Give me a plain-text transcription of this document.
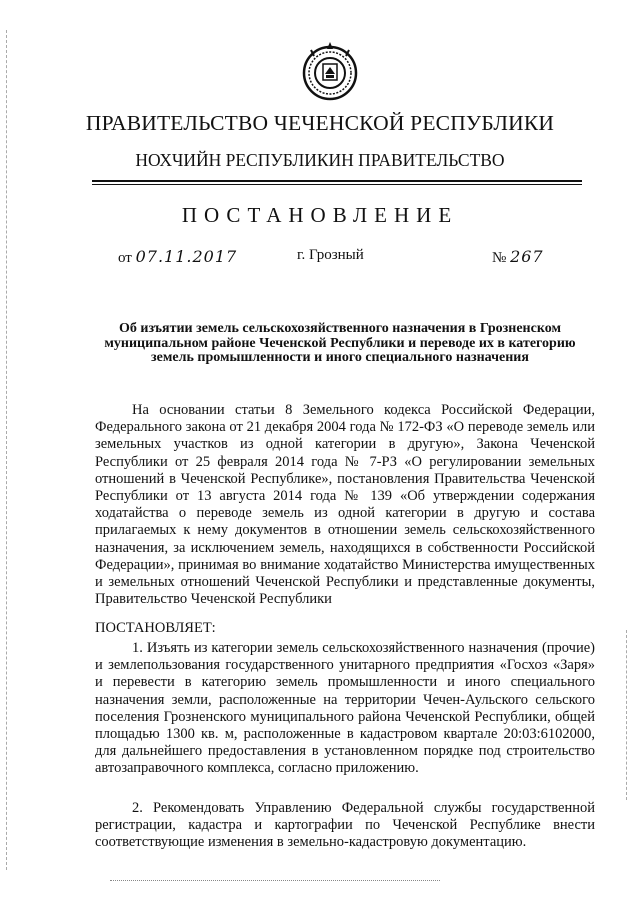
ПРАВИТЕЛЬСТВО ЧЕЧЕНСКОЙ РЕСПУБЛИКИ
НОХЧИЙН РЕСПУБЛИКИН ПРАВИТЕЛЬСТВО
ПОСТАНОВЛЕНИЕ
от 07.11.2017	г. Грозный	№ 267
Об изъятии земель сельскохозяйственного назначения в Грозненском муниципальном районе Чеченской Республики и переводе их в категорию земель промышленности и иного специального назначения

На основании статьи 8 Земельного кодекса Российской Федерации, Федерального закона от 21 декабря 2004 года № 172-ФЗ «О переводе земель или земельных участков из одной категории в другую», Закона Чеченской Республики от 25 февраля 2014 года № 7-РЗ «О регулировании земельных отношений в Чеченской Республике», постановления Правительства Чеченской Республики от 13 августа 2014 года № 139 «Об утверждении содержания ходатайства о переводе земель из одной категории в другую и состава прилагаемых к нему документов в отношении земель сельскохозяйственного назначения, за исключением земель, находящихся в собственности Российской Федерации», принимая во внимание ходатайство Министерства имущественных и земельных отношений Чеченской Республики и представленные документы, Правительство Чеченской Республики

ПОСТАНОВЛЯЕТ:

1. Изъять из категории земель сельскохозяйственного назначения (прочие) и землепользования государственного унитарного предприятия «Госхоз «Заря» и перевести в категорию земель промышленности и иного специального назначения земли, расположенные на территории Чечен-Аульского сельского поселения Грозненского муниципального района Чеченской Республики, общей площадью 1300 кв. м, расположенные в кадастровом квартале 20:03:6102000, для дальнейшего предоставления в установленном порядке под строительство автозаправочного комплекса, согласно приложению.

2. Рекомендовать Управлению Федеральной службы государственной регистрации, кадастра и картографии по Чеченской Республике внести соответствующие изменения в земельно-кадастровую документацию.
